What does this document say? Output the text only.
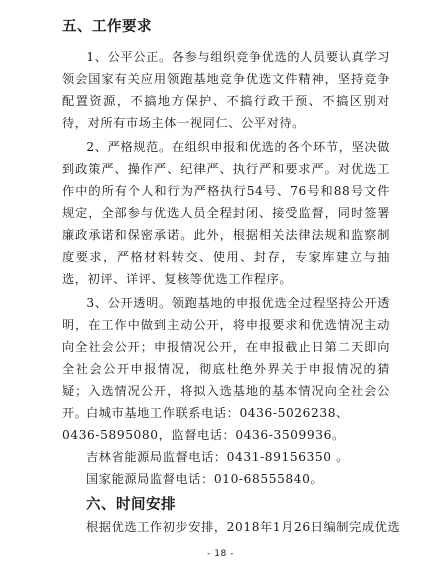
五、工作要求

1、公平公正。各参与组织竞争优选的人员要认真学习领会国家有关应用领跑基地竞争优选文件精神，坚持竞争配置资源，不搞地方保护、不搞行政干预、不搞区别对待，对所有市场主体一视同仁、公平对待。

2、严格规范。在组织申报和优选的各个环节，坚决做到政策严、操作严、纪律严、执行严和要求严。对优选工作中的所有个人和行为严格执行54号、76号和88号文件规定，全部参与优选人员全程封闭、接受监督，同时签署廉政承诺和保密承诺。此外，根据相关法律法规和监察制度要求，严格材料转交、使用、封存，专家库建立与抽选，初评、详评、复核等优选工作程序。

3、公开透明。领跑基地的申报优选全过程坚持公开透明，在工作中做到主动公开，将申报要求和优选情况主动向全社会公开；申报情况公开，在申报截止日第二天即向全社会公开申报情况，彻底杜绝外界关于申报情况的猜疑；入选情况公开，将拟入选基地的基本情况向全社会公开。

白城市基地工作联系电话：0436-5026238、
0436-5895080，监督电话：0436-3509936。
吉林省能源局监督电话：0431-89156350 。
国家能源局监督电话：010-68555840。
六、时间安排
根据优选工作初步安排，2018年1月26日编制完成优选
- 18 -
